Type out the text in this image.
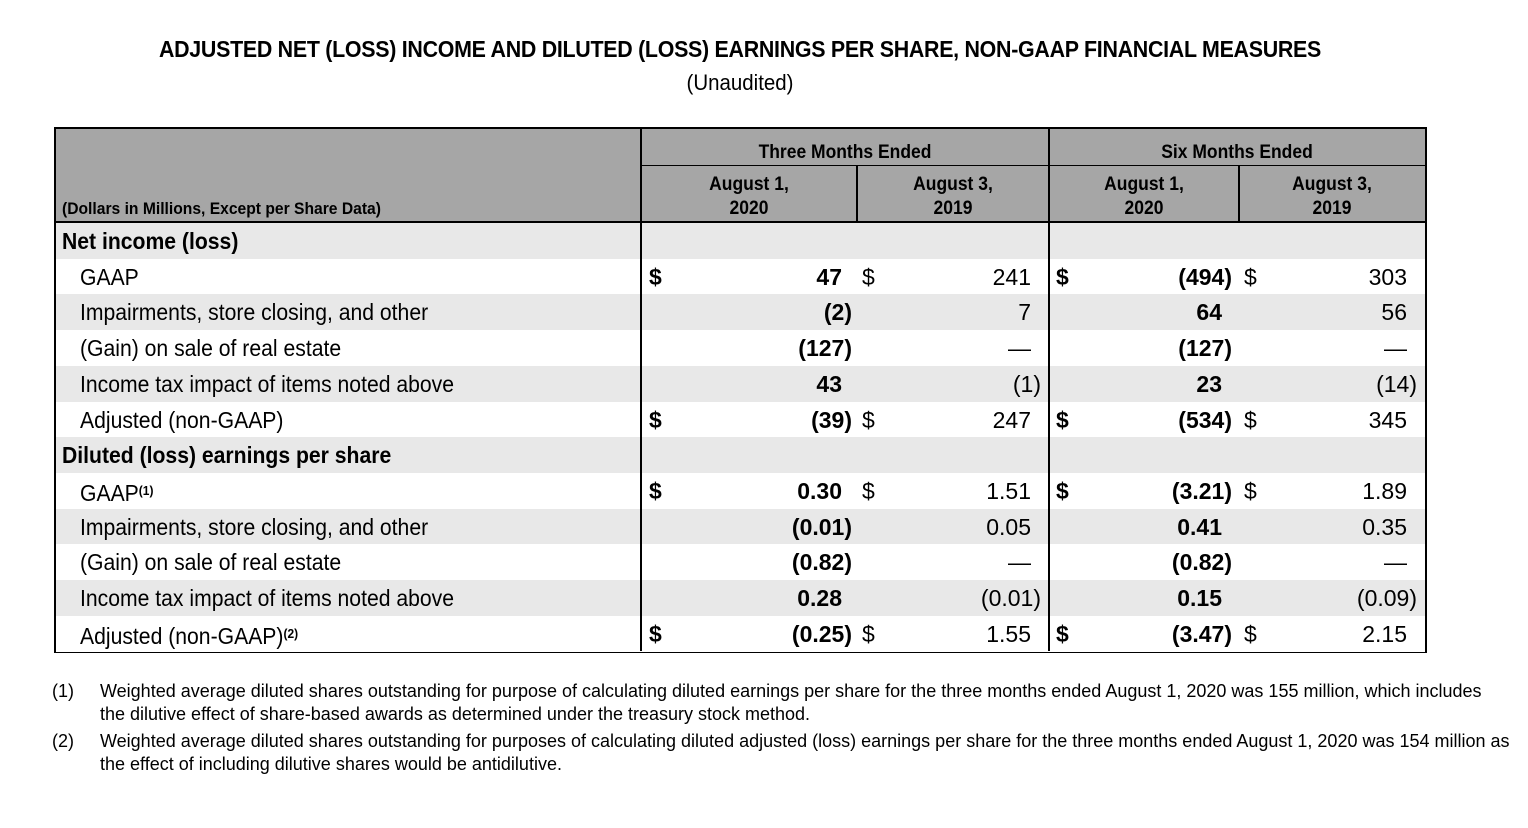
ADJUSTED NET (LOSS) INCOME AND DILUTED (LOSS) EARNINGS PER SHARE, NON-GAAP FINANCIAL MEASURES
(Unaudited)
(Dollars in Millions, Except per Share Data)
Three Months Ended	Six Months Ended
August 1,
2020
August 3,
2019
August 1,
2020
August 3,
2019
Net income (loss)
GAAP	$	47 $	241 $	(494) $	303
Impairments, store closing, and other	(2)	7	64	56
(Gain) on sale of real estate	(127)	—	(127)	—
Income tax impact of items noted above	43	(1)	23	(14)
Adjusted (non-GAAP)	$	(39) $	247 $	(534) $	345
Diluted (loss) earnings per share
GAAP$^{(1)}$	$	0.30 $	1.51 $	(3.21) $	1.89
Impairments, store closing, and other	(0.01)	0.05	0.41	0.35
(Gain) on sale of real estate	(0.82)	—	(0.82)	—
Income tax impact of items noted above	0.28	(0.01)	0.15	(0.09)
Adjusted (non-GAAP)$^{(2)}$	$	(0.25) $	1.55 $	(3.47) $	2.15
(1) Weighted average diluted shares outstanding for purpose of calculating diluted earnings per share for the three months ended August 1, 2020 was 155 million, which includes the dilutive effect of share-based awards as determined under the treasury stock method.
(2) Weighted average diluted shares outstanding for purposes of calculating diluted adjusted (loss) earnings per share for the three months ended August 1, 2020 was 154 million as the effect of including dilutive shares would be antidilutive.
